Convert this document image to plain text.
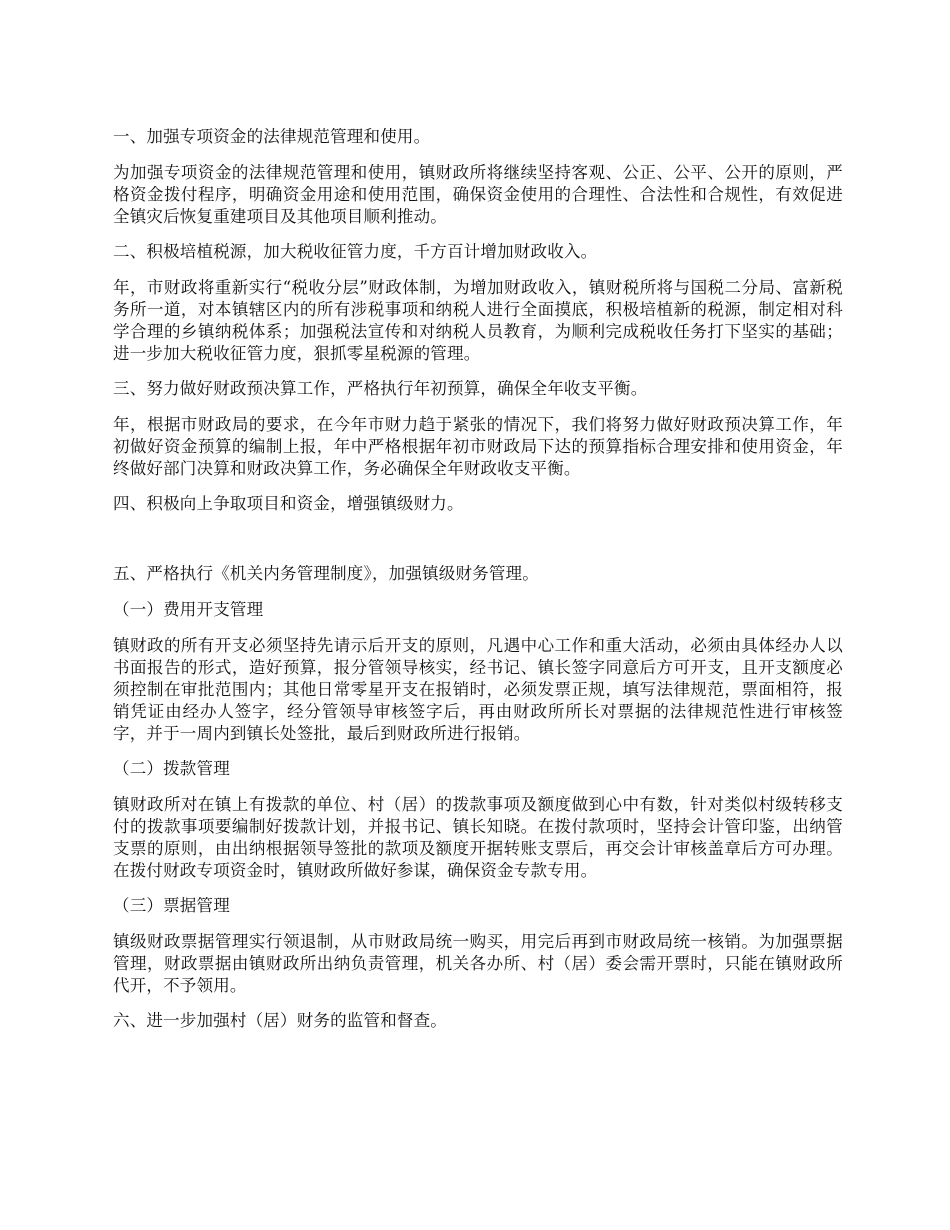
一、加强专项资金的法律规范管理和使用。

为加强专项资金的法律规范管理和使用，镇财政所将继续坚持客观、公正、公平、公开的原则，严格资金拨付程序，明确资金用途和使用范围，确保资金使用的合理性、合法性和合规性，有效促进全镇灾后恢复重建项目及其他项目顺利推动。

二、积极培植税源，加大税收征管力度，千方百计增加财政收入。

年，市财政将重新实行“税收分层”财政体制，为增加财政收入，镇财税所将与国税二分局、富新税务所一道，对本镇辖区内的所有涉税事项和纳税人进行全面摸底，积极培植新的税源，制定相对科学合理的乡镇纳税体系；加强税法宣传和对纳税人员教育，为顺利完成税收任务打下坚实的基础；进一步加大税收征管力度，狠抓零星税源的管理。

三、努力做好财政预决算工作，严格执行年初预算，确保全年收支平衡。

年，根据市财政局的要求，在今年市财力趋于紧张的情况下，我们将努力做好财政预决算工作，年初做好资金预算的编制上报，年中严格根据年初市财政局下达的预算指标合理安排和使用资金，年终做好部门决算和财政决算工作，务必确保全年财政收支平衡。

四、积极向上争取项目和资金，增强镇级财力。

五、严格执行《机关内务管理制度》，加强镇级财务管理。

（一）费用开支管理

镇财政的所有开支必须坚持先请示后开支的原则，凡遇中心工作和重大活动，必须由具体经办人以书面报告的形式，造好预算，报分管领导核实，经书记、镇长签字同意后方可开支，且开支额度必须控制在审批范围内；其他日常零星开支在报销时，必须发票正规，填写法律规范，票面相符，报销凭证由经办人签字，经分管领导审核签字后，再由财政所所长对票据的法律规范性进行审核签字，并于一周内到镇长处签批，最后到财政所进行报销。

（二）拨款管理

镇财政所对在镇上有拨款的单位、村（居）的拨款事项及额度做到心中有数，针对类似村级转移支付的拨款事项要编制好拨款计划，并报书记、镇长知晓。在拨付款项时，坚持会计管印鉴，出纳管支票的原则，由出纳根据领导签批的款项及额度开据转账支票后，再交会计审核盖章后方可办理。在拨付财政专项资金时，镇财政所做好参谋，确保资金专款专用。

（三）票据管理

镇级财政票据管理实行领退制，从市财政局统一购买，用完后再到市财政局统一核销。为加强票据管理，财政票据由镇财政所出纳负责管理，机关各办所、村（居）委会需开票时，只能在镇财政所代开，不予领用。

六、进一步加强村（居）财务的监管和督查。
